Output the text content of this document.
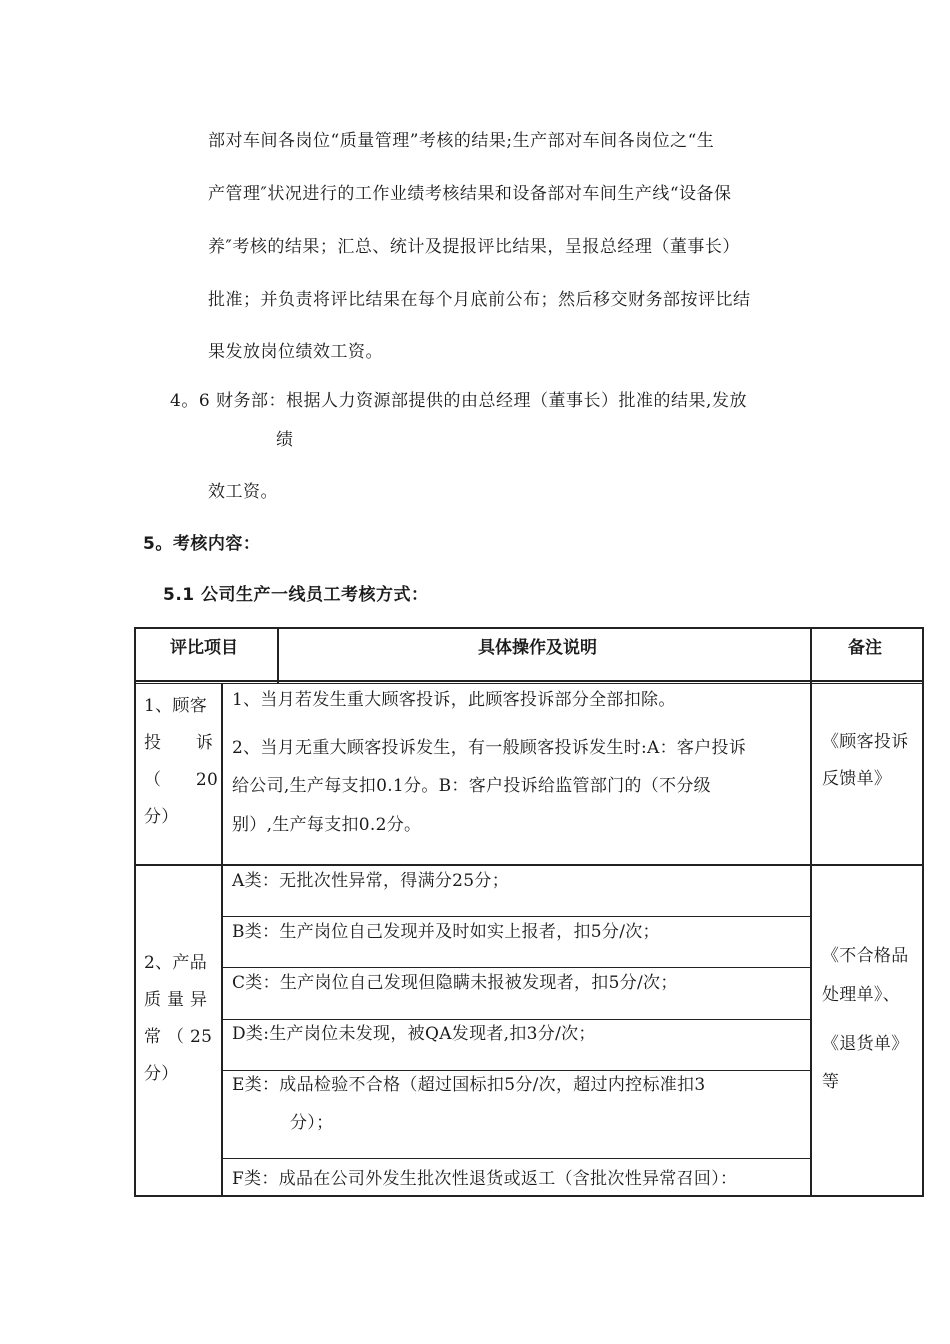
部对车间各岗位“质量管理”考核的结果;生产部对车间各岗位之“生
产管理″状况进行的工作业绩考核结果和设备部对车间生产线“设备保
养″考核的结果；汇总、统计及提报评比结果，呈报总经理（董事长）
批准；并负责将评比结果在每个月底前公布；然后移交财务部按评比结
果发放岗位绩效工资。
4。6 财务部：根据人力资源部提供的由总经理（董事长）批准的结果,发放
绩
效工资。
5。考核内容：
5.1 公司生产一线员工考核方式：
评比项目	具体操作及说明	备注
1、顾客
投　　诉
（　　20
分）
1、当月若发生重大顾客投诉，此顾客投诉部分全部扣除。
2、当月无重大顾客投诉发生，有一般顾客投诉发生时:A：客户投诉
给公司,生产每支扣0.1分。B：客户投诉给监管部门的（不分级
别）,生产每支扣0.2分。
《顾客投诉
反馈单》
2、产品
质 量 异
常 （ 25
分）
A类：无批次性异常，得满分25分；
B类：生产岗位自己发现并及时如实上报者，扣5分/次；
C类：生产岗位自己发现但隐瞒未报被发现者，扣5分/次；
D类:生产岗位未发现，被QA发现者,扣3分/次；
E类：成品检验不合格（超过国标扣5分/次，超过内控标准扣3
分）；
F类：成品在公司外发生批次性退货或返工（含批次性异常召回）：
《不合格品
处理单》、
《退货单》
等
